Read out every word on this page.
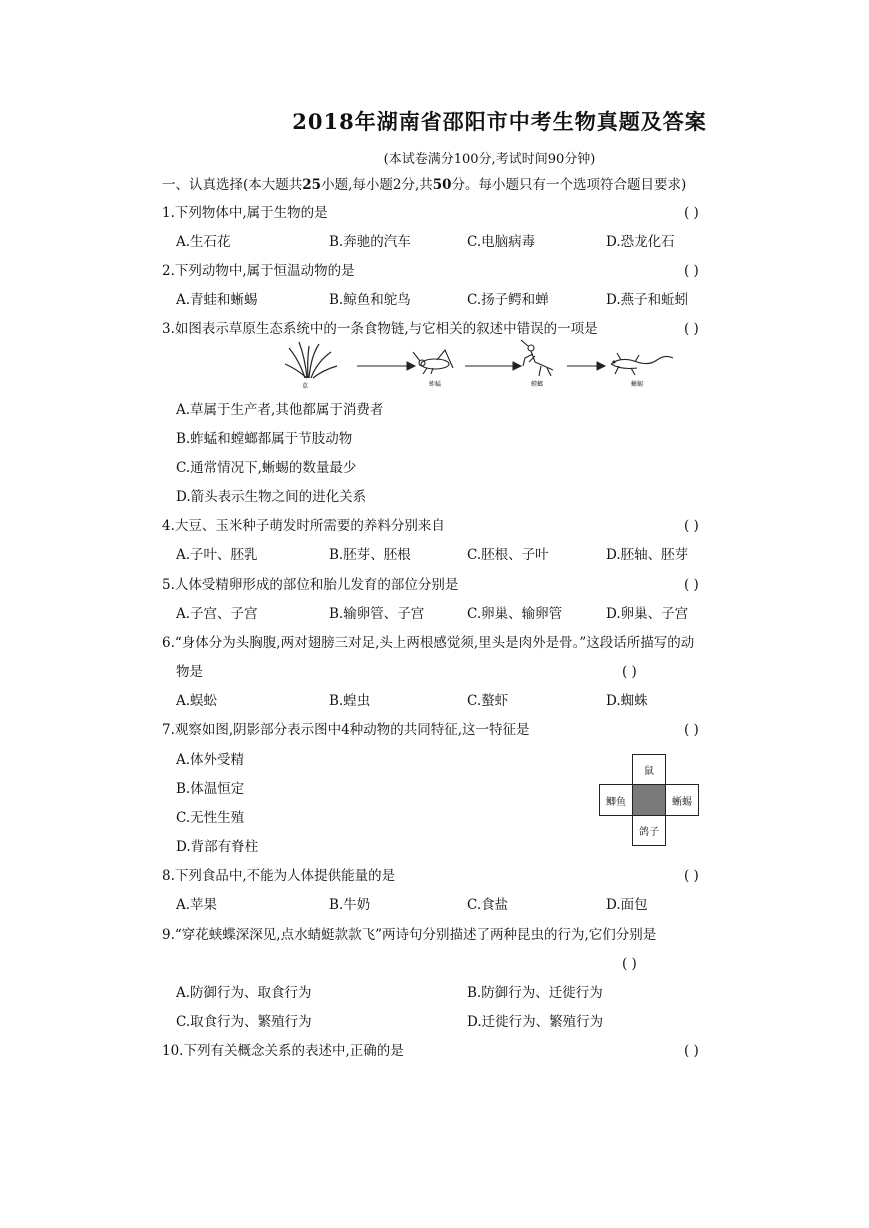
2018年湖南省邵阳市中考生物真题及答案
(本试卷满分100分,考试时间90分钟)
一、认真选择(本大题共25小题,每小题2分,共50分。每小题只有一个选项符合题目要求)
1.下列物体中,属于生物的是	( )
A.生石花	B.奔驰的汽车	C.电脑病毒	D.恐龙化石
2.下列动物中,属于恒温动物的是	( )
A.青蛙和蜥蜴	B.鲸鱼和鸵鸟	C.扬子鳄和蝉	D.燕子和蚯蚓
3.如图表示草原生态系统中的一条食物链,与它相关的叙述中错误的一项是	( )
草	蚱蜢	螳螂	蜥蜴
A.草属于生产者,其他都属于消费者
B.蚱蜢和螳螂都属于节肢动物
C.通常情况下,蜥蜴的数量最少
D.箭头表示生物之间的进化关系
4.大豆、玉米种子萌发时所需要的养料分别来自	( )
A.子叶、胚乳	B.胚芽、胚根	C.胚根、子叶	D.胚轴、胚芽
5.人体受精卵形成的部位和胎儿发育的部位分别是	( )
A.子宫、子宫	B.输卵管、子宫	C.卵巢、输卵管	D.卵巢、子宫
6.“身体分为头胸腹,两对翅膀三对足,头上两根感觉须,里头是肉外是骨。”这段话所描写的动
物是	( )
A.蜈蚣	B.蝗虫	C.螯虾	D.蜘蛛
7.观察如图,阴影部分表示图中4种动物的共同特征,这一特征是	( )
A.体外受精
B.体温恒定
C.无性生殖
D.背部有脊柱
鼠
鲫鱼	蜥蜴
鸽子
8.下列食品中,不能为人体提供能量的是	( )
A.苹果	B.牛奶	C.食盐	D.面包
9.“穿花蛱蝶深深见,点水蜻蜓款款飞”两诗句分别描述了两种昆虫的行为,它们分别是
( )
A.防御行为、取食行为	B.防御行为、迁徙行为
C.取食行为、繁殖行为	D.迁徙行为、繁殖行为
10.下列有关概念关系的表述中,正确的是	( )
